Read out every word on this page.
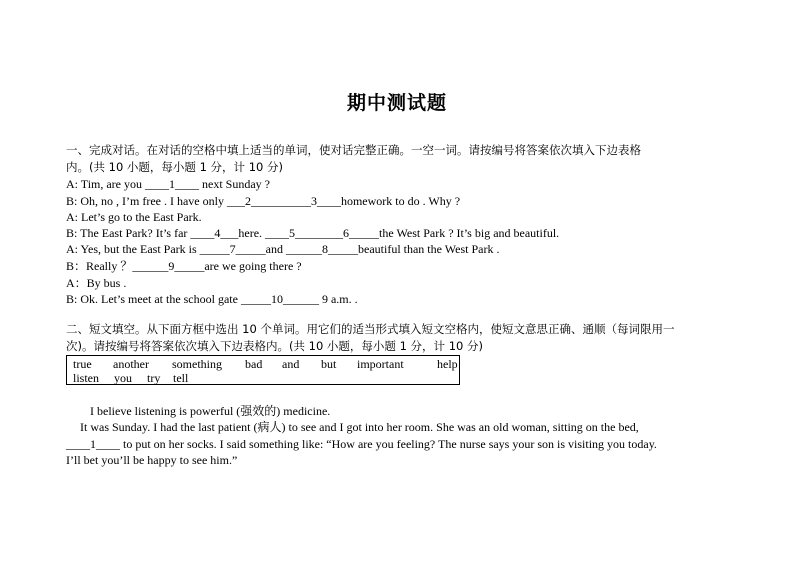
期中测试题
一、完成对话。在对话的空格中填上适当的单词，使对话完整正确。一空一词。请按编号将答案依次填入下边表格
内。(共 10 小题，每小题 1 分，计 10 分)
A: Tim, are you ____1____ next Sunday ?
B: Oh, no , I’m free . I have only ___2__________3____homework to do . Why ?
A: Let’s go to the East Park.
B: The East Park? It’s far ____4___here. ____5________6_____the West Park ? It’s big and beautiful.
A: Yes, but the East Park is _____7_____and ______8_____beautiful than the West Park .
B：Really ？______9_____are we going there ?
A：By bus .
B: Ok. Let’s meet at the school gate _____10______ 9 a.m. .
二、短文填空。从下面方框中选出 10 个单词。用它们的适当形式填入短文空格内，使短文意思正确、通顺（每词限用一
次)。请按编号将答案依次填入下边表格内。(共 10 小题，每小题 1 分，计 10 分)
true another something bad and but important	help
listen you try tell
I believe listening is powerful (强效的) medicine.
It was Sunday. I had the last patient (病人) to see and I got into her room. She was an old woman, sitting on the bed,
____1____ to put on her socks. I said something like: “How are you feeling? The nurse says your son is visiting you today.
I’ll bet you’ll be happy to see him.”
